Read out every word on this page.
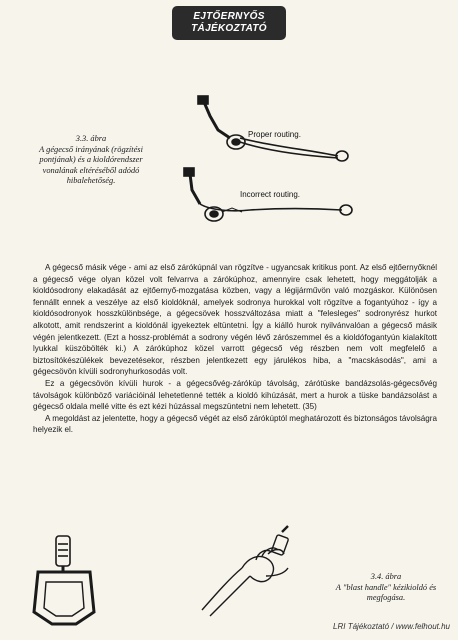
EJTŐERNYŐS
TÁJÉKOZTATÓ
3.3. ábra
A gégecső irányának (rögzítési pontjának) és a kioldórendszer vonalának eltéréséből adódó hibalehetőség.
Proper routing.
Incorrect routing.

A gégecső másik vége - ami az első zárókúpnál van rögzítve - ugyancsak kritikus pont. Az első ejtőernyőknél a gégecső vége olyan közel volt felvarrva a zárókúphoz, amennyire csak lehetett, hogy meggátolják a kioldósodrony elakadását az ejtőernyő-mozgatása közben, vagy a légijárművön való mozgáskor. Különösen fennállt ennek a veszélye az első kioldóknál, amelyek sodronya hurokkal volt rögzítve a fogantyúhoz - így a kioldósodronyok hosszkülönbsége, a gégecsövek hosszváltozása miatt a "felesleges" sodronyrész hurkot alkotott, amit rendszerint a kioldónál igyekeztek eltüntetni. Így a kiálló hurok nyilvánvalóan a gégecső másik végén jelentkezett. (Ezt a hossz-problémát a sodrony végén lévő zárószemmel és a kioldófogantyún kialakított lyukkal küszöbölték ki.) A zárókúphoz közel varrott gégecső vég részben nem volt megfelelő a biztosítókészülékek bevezetésekor, részben jelentkezett egy járulékos hiba, a "macskásodás", ami a gégecsövön kívüli sodronyhurkosodás volt.

Ez a gégecsövön kívüli hurok - a gégecsővég-zárókúp távolság, zárótüske bandázsolás-gégecsővég távolságok különböző variációinál lehetetlenné tették a kioldó kihúzását, mert a hurok a tüske bandázsolást a gégecső oldala mellé vitte és ezt kézi húzással megszüntetni nem lehetett. (35)

A megoldást az jelentette, hogy a gégecső végét az első zárókúptól meghatározott és biztonságos távolságra helyezik el.

3.4. ábra
A "blast handle" kézikioldó és megfogása.
LRI Tájékoztató / www.felhout.hu
